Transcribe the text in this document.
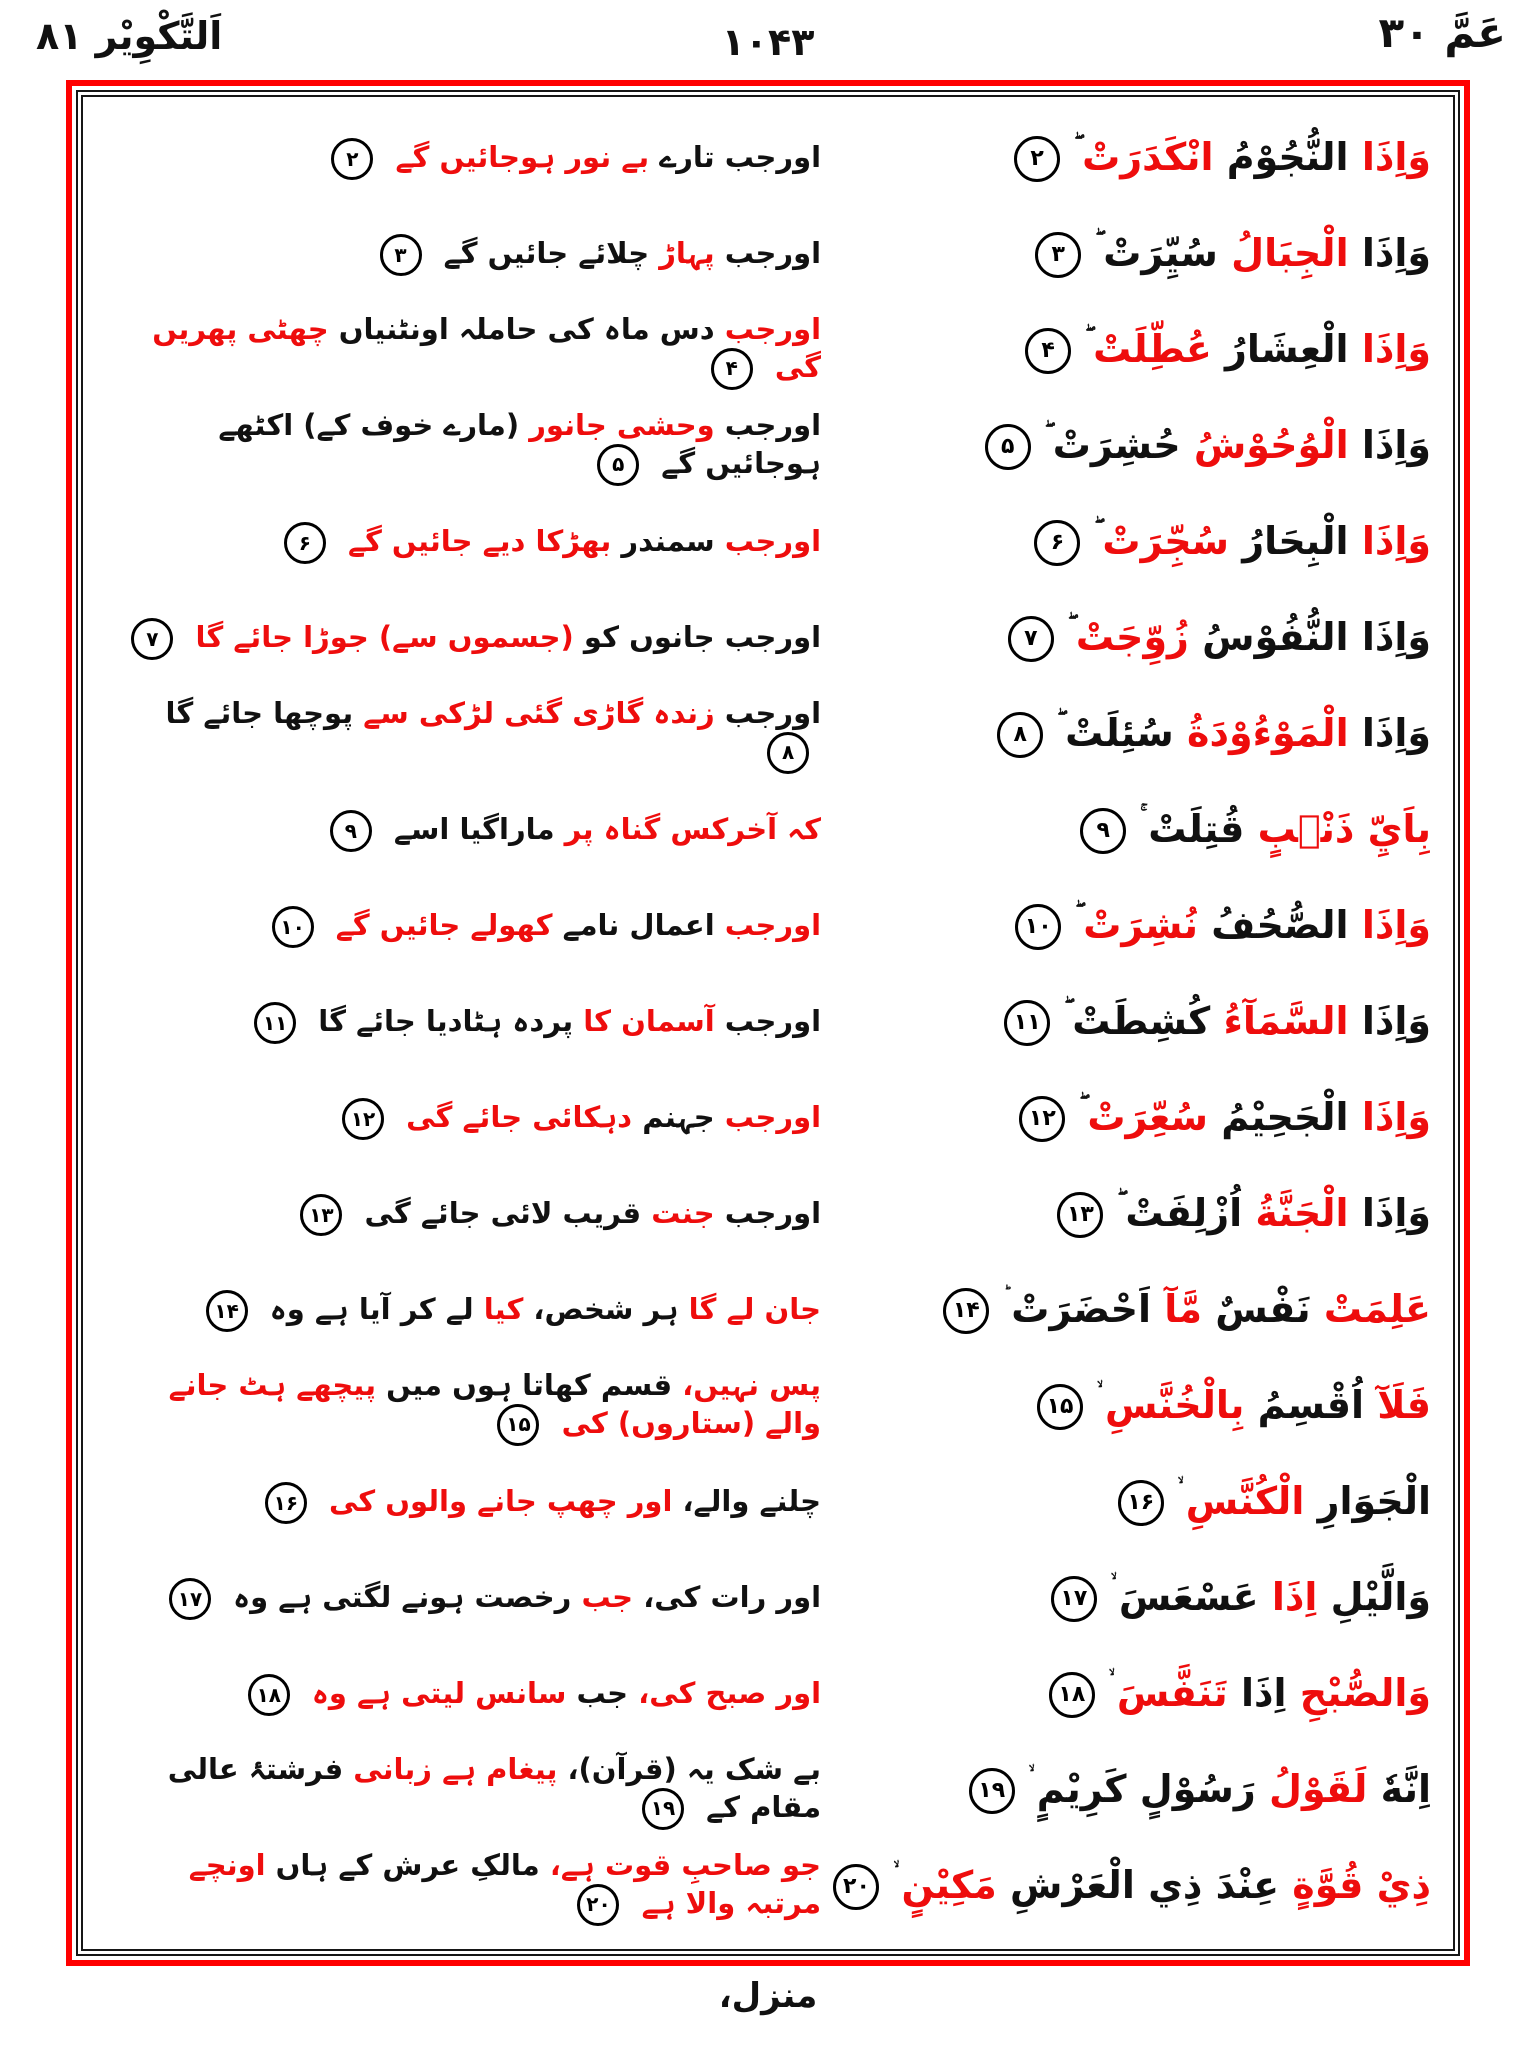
اَلتَّكْوِيْر ۸۱	۱۰۴۳	عَمَّ ۳۰
وَاِذَا النُّجُوْمُ انْكَدَرَتْ۲
اورجب تارے بے نور ہوجائیں گے ۲
وَاِذَا الْجِبَالُ سُيِّرَتْ۳
اورجب پہاڑ چلائے جائیں گے ۳
وَاِذَا الْعِشَارُ عُطِّلَتْ۴
اورجب دس ماہ کی حاملہ اونٹنیاں چھٹی پھریں گی ۴
وَاِذَا الْوُحُوْشُ حُشِرَتْ۵
اورجب وحشی جانور (مارے خوف کے) اکٹھے ہوجائیں گے ۵
وَاِذَا الْبِحَارُ سُجِّرَتْ۶
اورجب سمندر بھڑکا دیے جائیں گے ۶
وَاِذَا النُّفُوْسُ زُوِّجَتْ۷
اورجب جانوں کو (جسموں سے) جوڑا جائے گا ۷
وَاِذَا الْمَوْءُوْدَةُ سُئِلَتْ۸
اورجب زندہ گاڑی گئی لڑکی سے پوچھا جائے گا ۸
بِاَيِّ ذَنْۢبٍ قُتِلَتْ۹
کہ آخرکس گناہ پر ماراگیا اسے ۹
وَاِذَا الصُّحُفُ نُشِرَتْ۱۰
اورجب اعمال نامے کھولے جائیں گے ۱۰
وَاِذَا السَّمَآءُ كُشِطَتْ۱۱
اورجب آسمان کا پردہ ہٹادیا جائے گا ۱۱
وَاِذَا الْجَحِيْمُ سُعِّرَتْ۱۲
اورجب جہنم دہکائی جائے گی ۱۲
وَاِذَا الْجَنَّةُ اُزْلِفَتْ۱۳
اورجب جنت قریب لائی جائے گی ۱۳
عَلِمَتْ نَفْسٌ مَّآ اَحْضَرَتْ۱۴
جان لے گا ہر شخص، کیا لے کر آیا ہے وہ ۱۴
فَلَآ اُقْسِمُ بِالْخُنَّسِ۱۵
پس نہیں، قسم کھاتا ہوں میں پیچھے ہٹ جانے والے (ستاروں) کی ۱۵
الْجَوَارِ الْكُنَّسِ۱۶
چلنے والے، اور چھپ جانے والوں کی ۱۶
وَالَّيْلِ اِذَا عَسْعَسَ۱۷
اور رات کی، جب رخصت ہونے لگتی ہے وہ ۱۷
وَالصُّبْحِ اِذَا تَنَفَّسَ۱۸
اور صبح کی، جب سانس لیتی ہے وہ ۱۸
اِنَّهٗ لَقَوْلُ رَسُوْلٍ كَرِيْمٍ۱۹
بے شک یہ (قرآن)، پیغام ہے زبانی فرشتۂ عالی مقام کے ۱۹
ذِيْ قُوَّةٍ عِنْدَ ذِي الْعَرْشِ مَكِيْنٍ۲۰
جو صاحبِ قوت ہے، مالکِ عرش کے ہاں اونچے مرتبہ والا ہے ۲۰
منزل،
